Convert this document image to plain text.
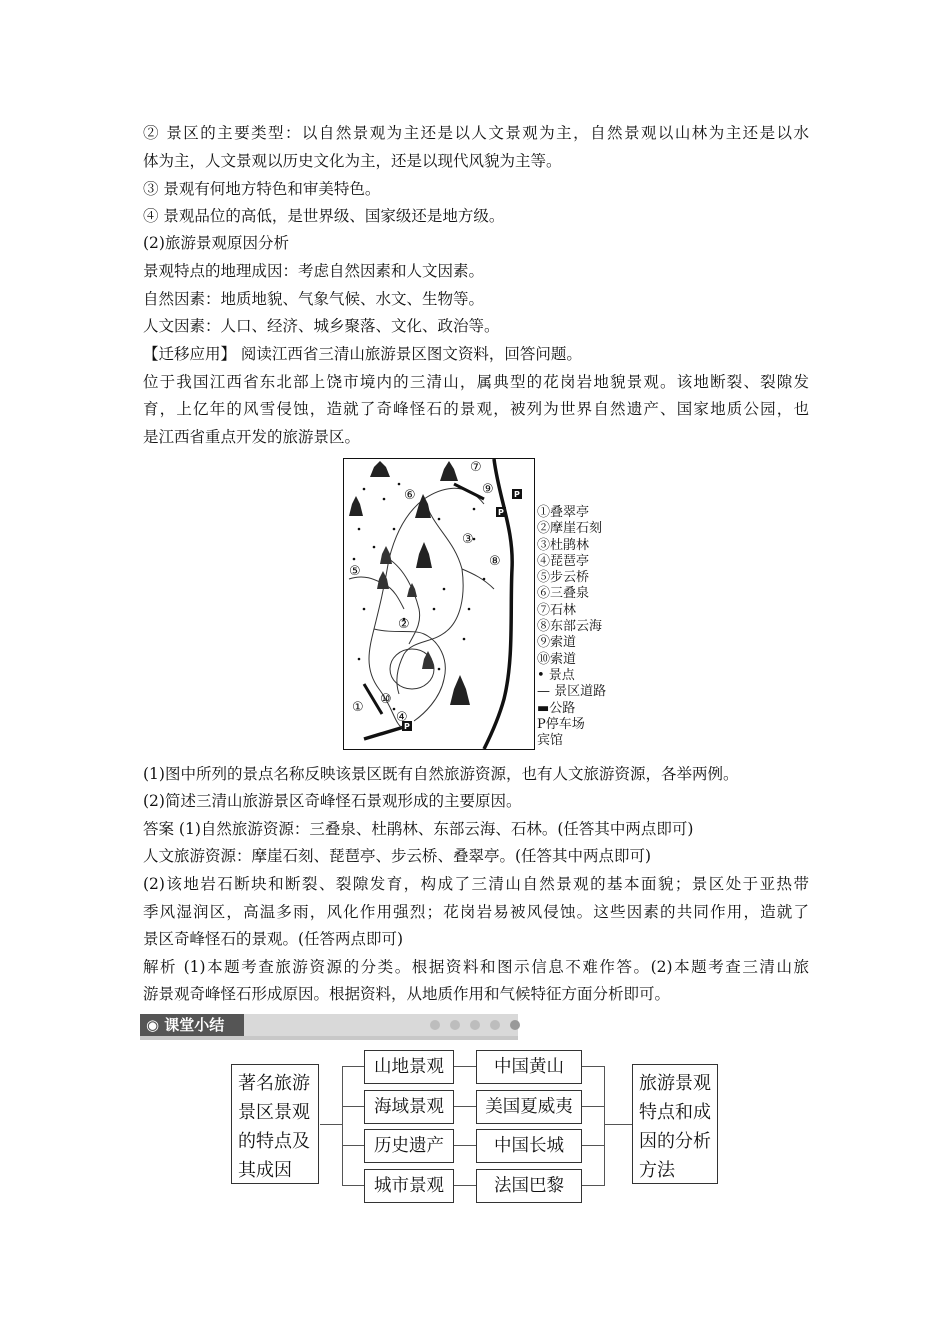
② 景区的主要类型：以自然景观为主还是以人文景观为主，自然景观以山林为主还是以水
体为主，人文景观以历史文化为主，还是以现代风貌为主等。
③ 景观有何地方特色和审美特色。
④ 景观品位的高低，是世界级、国家级还是地方级。
(2)旅游景观原因分析
景观特点的地理成因：考虑自然因素和人文因素。
自然因素：地质地貌、气象气候、水文、生物等。
人文因素：人口、经济、城乡聚落、文化、政治等。
【迁移应用】 阅读江西省三清山旅游景区图文资料，回答问题。
位于我国江西省东北部上饶市境内的三清山，属典型的花岗岩地貌景观。该地断裂、裂隙发
育，上亿年的风雪侵蚀，造就了奇峰怪石的景观，被列为世界自然遗产、国家地质公园，也
是江西省重点开发的旅游景区。
P
P
P
①
②
③
④
⑤
⑥
⑦
⑧
⑨
⑩
①叠翠亭
②摩崖石刻
③杜鹃林
④琵琶亭
⑤步云桥
⑥三叠泉
⑦石林
⑧东部云海
⑨索道
⑩索道
• 景点
— 景区道路
▬公路
P停车场
宾馆
(1)图中所列的景点名称反映该景区既有自然旅游资源，也有人文旅游资源，各举两例。
(2)简述三清山旅游景区奇峰怪石景观形成的主要原因。
答案 (1)自然旅游资源：三叠泉、杜鹃林、东部云海、石林。(任答其中两点即可)
人文旅游资源：摩崖石刻、琵琶亭、步云桥、叠翠亭。(任答其中两点即可)
(2)该地岩石断块和断裂、裂隙发育，构成了三清山自然景观的基本面貌；景区处于亚热带
季风湿润区，高温多雨，风化作用强烈；花岗岩易被风侵蚀。这些因素的共同作用，造就了
景区奇峰怪石的景观。(任答两点即可)
解析 (1)本题考查旅游资源的分类。根据资料和图示信息不难作答。(2)本题考查三清山旅
游景观奇峰怪石形成原因。根据资料，从地质作用和气候特征方面分析即可。
◉ 课堂小结
著名旅游
景区景观
的特点及
其成因
山地景观
海域景观
历史遗产
城市景观
中国黄山
美国夏威夷
中国长城
法国巴黎
旅游景观
特点和成
因的分析
方法
